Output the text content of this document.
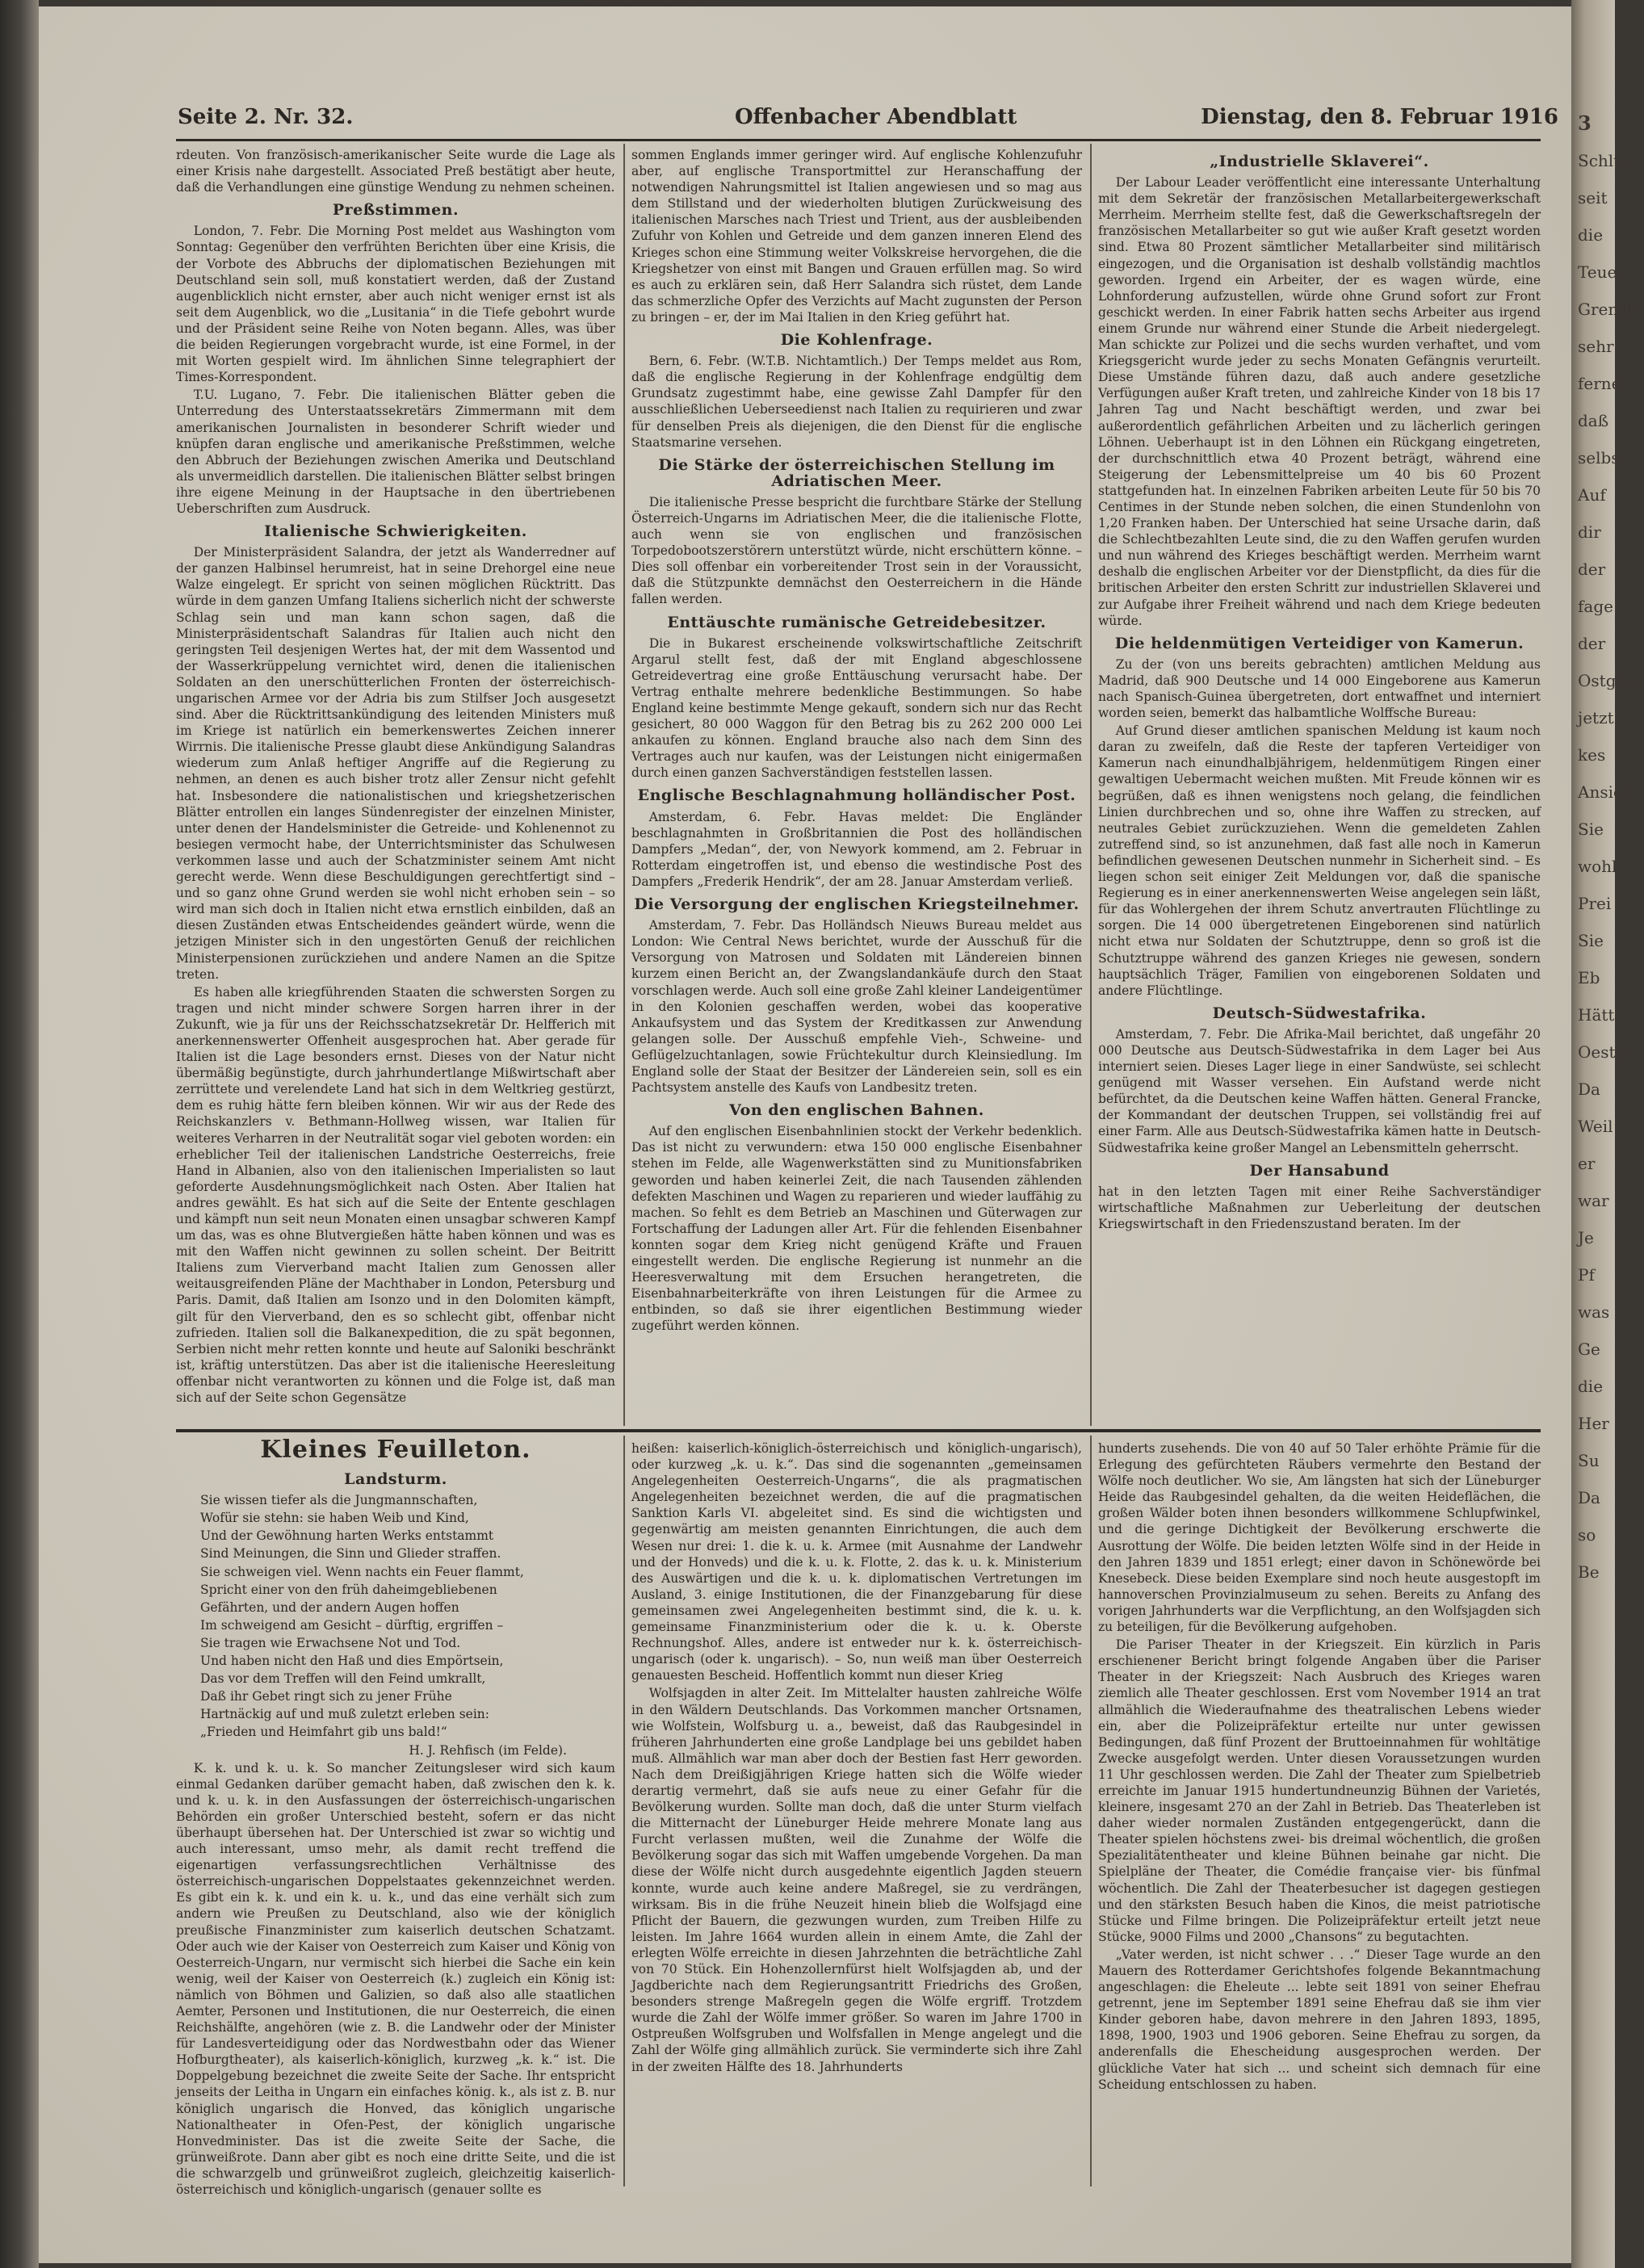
3
Schlus
seit
die
Teuer
Grenzb
sehr
ferner
daß
selbst
Auf
dir
der
fage
der
Ostgren
jetzt
kes
Ansich
Sie
wohl
Prei
Sie
Eb
Hätt
Oester
Da
Weil
er
war
Je
Pf
was
Ge
die
Her
Su
Da
so
Be
Seite 2. Nr. 32.	Offenbacher Abendblatt	Dienstag, den 8. Februar 1916

rdeuten. Von französisch-amerikanischer Seite wurde die Lage als einer Krisis nahe dargestellt. Associated Preß bestätigt aber heute, daß die Verhandlungen eine günstige Wendung zu nehmen scheinen.

Preßstimmen.

London, 7. Febr. Die Morning Post meldet aus Washington vom Sonntag: Gegenüber den verfrühten Berichten über eine Krisis, die der Vorbote des Abbruchs der diplomatischen Beziehungen mit Deutschland sein soll, muß konstatiert werden, daß der Zustand augenblicklich nicht ernster, aber auch nicht weniger ernst ist als seit dem Augenblick, wo die „Lusitania“ in die Tiefe gebohrt wurde und der Präsident seine Reihe von Noten begann. Alles, was über die beiden Regierungen vorgebracht wurde, ist eine Formel, in der mit Worten gespielt wird. Im ähnlichen Sinne telegraphiert der Times-Korrespondent.

T.U. Lugano, 7. Febr. Die italienischen Blätter geben die Unterredung des Unterstaatssekretärs Zimmermann mit dem amerikanischen Journalisten in besonderer Schrift wieder und knüpfen daran englische und amerikanische Preßstimmen, welche den Abbruch der Beziehungen zwischen Amerika und Deutschland als unvermeidlich darstellen. Die italienischen Blätter selbst bringen ihre eigene Meinung in der Hauptsache in den übertriebenen Ueberschriften zum Ausdruck.

Italienische Schwierigkeiten.

Der Ministerpräsident Salandra, der jetzt als Wanderredner auf der ganzen Halbinsel herumreist, hat in seine Drehorgel eine neue Walze eingelegt. Er spricht von seinen möglichen Rücktritt. Das würde in dem ganzen Umfang Italiens sicherlich nicht der schwerste Schlag sein und man kann schon sagen, daß die Ministerpräsidentschaft Salandras für Italien auch nicht den geringsten Teil desjenigen Wertes hat, der mit dem Wassentod und der Wasserkrüppelung vernichtet wird, denen die italienischen Soldaten an den unerschütterlichen Fronten der österreichisch-ungarischen Armee vor der Adria bis zum Stilfser Joch ausgesetzt sind. Aber die Rücktrittsankündigung des leitenden Ministers muß im Kriege ist natürlich ein bemerkenswertes Zeichen innerer Wirrnis. Die italienische Presse glaubt diese Ankündigung Salandras wiederum zum Anlaß heftiger Angriffe auf die Regierung zu nehmen, an denen es auch bisher trotz aller Zensur nicht gefehlt hat. Insbesondere die nationalistischen und kriegshetzerischen Blätter entrollen ein langes Sündenregister der einzelnen Minister, unter denen der Handelsminister die Getreide- und Kohlenennot zu besiegen vermocht habe, der Unterrichtsminister das Schulwesen verkommen lasse und auch der Schatzminister seinem Amt nicht gerecht werde. Wenn diese Beschuldigungen gerechtfertigt sind – und so ganz ohne Grund werden sie wohl nicht erhoben sein – so wird man sich doch in Italien nicht etwa ernstlich einbilden, daß an diesen Zuständen etwas Entscheidendes geändert würde, wenn die jetzigen Minister sich in den ungestörten Genuß der reichlichen Ministerpensionen zurückziehen und andere Namen an die Spitze treten.

Es haben alle kriegführenden Staaten die schwersten Sorgen zu tragen und nicht minder schwere Sorgen harren ihrer in der Zukunft, wie ja für uns der Reichsschatzsekretär Dr. Helfferich mit anerkennenswerter Offenheit ausgesprochen hat. Aber gerade für Italien ist die Lage besonders ernst. Dieses von der Natur nicht übermäßig begünstigte, durch jahrhundertlange Mißwirtschaft aber zerrüttete und verelendete Land hat sich in dem Weltkrieg gestürzt, dem es ruhig hätte fern bleiben können. Wir wir aus der Rede des Reichskanzlers v. Bethmann-Hollweg wissen, war Italien für weiteres Verharren in der Neutralität sogar viel geboten worden: ein erheblicher Teil der italienischen Landstriche Oesterreichs, freie Hand in Albanien, also von den italienischen Imperialisten so laut geforderte Ausdehnungsmöglichkeit nach Osten. Aber Italien hat andres gewählt. Es hat sich auf die Seite der Entente geschlagen und kämpft nun seit neun Monaten einen unsagbar schweren Kampf um das, was es ohne Blutvergießen hätte haben können und was es mit den Waffen nicht gewinnen zu sollen scheint. Der Beitritt Italiens zum Vierverband macht Italien zum Genossen aller weitausgreifenden Pläne der Machthaber in London, Petersburg und Paris. Damit, daß Italien am Isonzo und in den Dolomiten kämpft, gilt für den Vierverband, den es so schlecht gibt, offenbar nicht zufrieden. Italien soll die Balkanexpedition, die zu spät begonnen, Serbien nicht mehr retten konnte und heute auf Saloniki beschränkt ist, kräftig unterstützen. Das aber ist die italienische Heeresleitung offenbar nicht verantworten zu können und die Folge ist, daß man sich auf der Seite schon Gegensätze

sommen Englands immer geringer wird. Auf englische Kohlenzufuhr aber, auf englische Transportmittel zur Heranschaffung der notwendigen Nahrungsmittel ist Italien angewiesen und so mag aus dem Stillstand und der wiederholten blutigen Zurückweisung des italienischen Marsches nach Triest und Trient, aus der ausbleibenden Zufuhr von Kohlen und Getreide und dem ganzen inneren Elend des Krieges schon eine Stimmung weiter Volkskreise hervorgehen, die die Kriegshetzer von einst mit Bangen und Grauen erfüllen mag. So wird es auch zu erklären sein, daß Herr Salandra sich rüstet, dem Lande das schmerzliche Opfer des Verzichts auf Macht zugunsten der Person zu bringen – er, der im Mai Italien in den Krieg geführt hat.

Die Kohlenfrage.

Bern, 6. Febr. (W.T.B. Nichtamtlich.) Der Temps meldet aus Rom, daß die englische Regierung in der Kohlenfrage endgültig dem Grundsatz zugestimmt habe, eine gewisse Zahl Dampfer für den ausschließlichen Ueberseedienst nach Italien zu requirieren und zwar für denselben Preis als diejenigen, die den Dienst für die englische Staatsmarine versehen.

Die Stärke der österreichischen Stellung im Adriatischen Meer.

Die italienische Presse bespricht die furchtbare Stärke der Stellung Österreich-Ungarns im Adriatischen Meer, die die italienische Flotte, auch wenn sie von englischen und französischen Torpedobootszerstörern unterstützt würde, nicht erschüttern könne. – Dies soll offenbar ein vorbereitender Trost sein in der Voraussicht, daß die Stützpunkte demnächst den Oesterreichern in die Hände fallen werden.

Enttäuschte rumänische Getreidebesitzer.

Die in Bukarest erscheinende volkswirtschaftliche Zeitschrift Argarul stellt fest, daß der mit England abgeschlossene Getreidevertrag eine große Enttäuschung verursacht habe. Der Vertrag enthalte mehrere bedenkliche Bestimmungen. So habe England keine bestimmte Menge gekauft, sondern sich nur das Recht gesichert, 80 000 Waggon für den Betrag bis zu 262 200 000 Lei ankaufen zu können. England brauche also nach dem Sinn des Vertrages auch nur kaufen, was der Leistungen nicht einigermaßen durch einen ganzen Sachverständigen feststellen lassen.

Englische Beschlagnahmung holländischer Post.

Amsterdam, 6. Febr. Havas meldet: Die Engländer beschlagnahmten in Großbritannien die Post des holländischen Dampfers „Medan“, der, von Newyork kommend, am 2. Februar in Rotterdam eingetroffen ist, und ebenso die westindische Post des Dampfers „Frederik Hendrik“, der am 28. Januar Amsterdam verließ.

Die Versorgung der englischen Kriegsteilnehmer.

Amsterdam, 7. Febr. Das Holländsch Nieuws Bureau meldet aus London: Wie Central News berichtet, wurde der Ausschuß für die Versorgung von Matrosen und Soldaten mit Ländereien binnen kurzem einen Bericht an, der Zwangslandankäufe durch den Staat vorschlagen werde. Auch soll eine große Zahl kleiner Landeigentümer in den Kolonien geschaffen werden, wobei das kooperative Ankaufsystem und das System der Kreditkassen zur Anwendung gelangen solle. Der Ausschuß empfehle Vieh-, Schweine- und Geflügelzuchtanlagen, sowie Früchtekultur durch Kleinsiedlung. Im England solle der Staat der Besitzer der Ländereien sein, soll es ein Pachtsystem anstelle des Kaufs von Landbesitz treten.

Von den englischen Bahnen.

Auf den englischen Eisenbahnlinien stockt der Verkehr bedenklich. Das ist nicht zu verwundern: etwa 150 000 englische Eisenbahner stehen im Felde, alle Wagenwerkstätten sind zu Munitionsfabriken geworden und haben keinerlei Zeit, die nach Tausenden zählenden defekten Maschinen und Wagen zu reparieren und wieder lauffähig zu machen. So fehlt es dem Betrieb an Maschinen und Güterwagen zur Fortschaffung der Ladungen aller Art. Für die fehlenden Eisenbahner konnten sogar dem Krieg nicht genügend Kräfte und Frauen eingestellt werden. Die englische Regierung ist nunmehr an die Heeresverwaltung mit dem Ersuchen herangetreten, die Eisenbahnarbeiterkräfte von ihren Leistungen für die Armee zu entbinden, so daß sie ihrer eigentlichen Bestimmung wieder zugeführt werden können.

„Industrielle Sklaverei“.

Der Labour Leader veröffentlicht eine interessante Unterhaltung mit dem Sekretär der französischen Metallarbeitergewerkschaft Merrheim. Merrheim stellte fest, daß die Gewerkschaftsregeln der französischen Metallarbeiter so gut wie außer Kraft gesetzt worden sind. Etwa 80 Prozent sämtlicher Metallarbeiter sind militärisch eingezogen, und die Organisation ist deshalb vollständig machtlos geworden. Irgend ein Arbeiter, der es wagen würde, eine Lohnforderung aufzustellen, würde ohne Grund sofort zur Front geschickt werden. In einer Fabrik hatten sechs Arbeiter aus irgend einem Grunde nur während einer Stunde die Arbeit niedergelegt. Man schickte zur Polizei und die sechs wurden verhaftet, und vom Kriegsgericht wurde jeder zu sechs Monaten Gefängnis verurteilt. Diese Umstände führen dazu, daß auch andere gesetzliche Verfügungen außer Kraft treten, und zahlreiche Kinder von 18 bis 17 Jahren Tag und Nacht beschäftigt werden, und zwar bei außerordentlich gefährlichen Arbeiten und zu lächerlich geringen Löhnen. Ueberhaupt ist in den Löhnen ein Rückgang eingetreten, der durchschnittlich etwa 40 Prozent beträgt, während eine Steigerung der Lebensmittelpreise um 40 bis 60 Prozent stattgefunden hat. In einzelnen Fabriken arbeiten Leute für 50 bis 70 Centimes in der Stunde neben solchen, die einen Stundenlohn von 1,20 Franken haben. Der Unterschied hat seine Ursache darin, daß die Schlechtbezahlten Leute sind, die zu den Waffen gerufen wurden und nun während des Krieges beschäftigt werden. Merrheim warnt deshalb die englischen Arbeiter vor der Dienstpflicht, da dies für die britischen Arbeiter den ersten Schritt zur industriellen Sklaverei und zur Aufgabe ihrer Freiheit während und nach dem Kriege bedeuten würde.

Die heldenmütigen Verteidiger von Kamerun.

Zu der (von uns bereits gebrachten) amtlichen Meldung aus Madrid, daß 900 Deutsche und 14 000 Eingeborene aus Kamerun nach Spanisch-Guinea übergetreten, dort entwaffnet und interniert worden seien, bemerkt das halbamtliche Wolffsche Bureau:

Auf Grund dieser amtlichen spanischen Meldung ist kaum noch daran zu zweifeln, daß die Reste der tapferen Verteidiger von Kamerun nach einundhalbjährigem, heldenmütigem Ringen einer gewaltigen Uebermacht weichen mußten. Mit Freude können wir es begrüßen, daß es ihnen wenigstens noch gelang, die feindlichen Linien durchbrechen und so, ohne ihre Waffen zu strecken, auf neutrales Gebiet zurückzuziehen. Wenn die gemeldeten Zahlen zutreffend sind, so ist anzunehmen, daß fast alle noch in Kamerun befindlichen gewesenen Deutschen nunmehr in Sicherheit sind. – Es liegen schon seit einiger Zeit Meldungen vor, daß die spanische Regierung es in einer anerkennenswerten Weise angelegen sein läßt, für das Wohlergehen der ihrem Schutz anvertrauten Flüchtlinge zu sorgen. Die 14 000 übergetretenen Eingeborenen sind natürlich nicht etwa nur Soldaten der Schutztruppe, denn so groß ist die Schutztruppe während des ganzen Krieges nie gewesen, sondern hauptsächlich Träger, Familien von eingeborenen Soldaten und andere Flüchtlinge.

Deutsch-Südwestafrika.

Amsterdam, 7. Febr. Die Afrika-Mail berichtet, daß ungefähr 20 000 Deutsche aus Deutsch-Südwestafrika in dem Lager bei Aus interniert seien. Dieses Lager liege in einer Sandwüste, sei schlecht genügend mit Wasser versehen. Ein Aufstand werde nicht befürchtet, da die Deutschen keine Waffen hätten. General Francke, der Kommandant der deutschen Truppen, sei vollständig frei auf einer Farm. Alle aus Deutsch-Südwestafrika kämen hatte in Deutsch-Südwestafrika keine großer Mangel an Lebensmitteln geherrscht.

Der Hansabund

hat in den letzten Tagen mit einer Reihe Sachverständiger wirtschaftliche Maßnahmen zur Ueberleitung der deutschen Kriegswirtschaft in den Friedenszustand beraten. Im der

Kleines Feuilleton.
Landsturm.

Sie wissen tiefer als die Jungmannschaften,

Wofür sie stehn: sie haben Weib und Kind,

Und der Gewöhnung harten Werks entstammt

Sind Meinungen, die Sinn und Glieder straffen.

Sie schweigen viel. Wenn nachts ein Feuer flammt,

Spricht einer von den früh daheimgebliebenen

Gefährten, und der andern Augen hoffen

Im schweigend am Gesicht – dürftig, ergriffen –

Sie tragen wie Erwachsene Not und Tod.

Und haben nicht den Haß und dies Empörtsein,

Das vor dem Treffen will den Feind umkrallt,

Daß ihr Gebet ringt sich zu jener Frühe

Hartnäckig auf und muß zuletzt erleben sein:

„Frieden und Heimfahrt gib uns bald!“

H. J. Rehfisch (im Felde).

K. k. und k. u. k. So mancher Zeitungsleser wird sich kaum einmal Gedanken darüber gemacht haben, daß zwischen den k. k. und k. u. k. in den Ausfassungen der österreichisch-ungarischen Behörden ein großer Unterschied besteht, sofern er das nicht überhaupt übersehen hat. Der Unterschied ist zwar so wichtig und auch interessant, umso mehr, als damit recht treffend die eigenartigen verfassungsrechtlichen Verhältnisse des österreichisch-ungarischen Doppelstaates gekennzeichnet werden. Es gibt ein k. k. und ein k. u. k., und das eine verhält sich zum andern wie Preußen zu Deutschland, also wie der königlich preußische Finanzminister zum kaiserlich deutschen Schatzamt. Oder auch wie der Kaiser von Oesterreich zum Kaiser und König von Oesterreich-Ungarn, nur vermischt sich hierbei die Sache ein kein wenig, weil der Kaiser von Oesterreich (k.) zugleich ein König ist: nämlich von Böhmen und Galizien, so daß also alle staatlichen Aemter, Personen und Institutionen, die nur Oesterreich, die einen Reichshälfte, angehören (wie z. B. die Landwehr oder der Minister für Landesverteidigung oder das Nordwestbahn oder das Wiener Hofburgtheater), als kaiserlich-königlich, kurzweg „k. k.“ ist. Die Doppelgebung bezeichnet die zweite Seite der Sache. Ihr entspricht jenseits der Leitha in Ungarn ein einfaches könig. k., als ist z. B. nur königlich ungarisch die Honved, das königlich ungarische Nationaltheater in Ofen-Pest, der königlich ungarische Honvedminister. Das ist die zweite Seite der Sache, die grünweißrote. Dann aber gibt es noch eine dritte Seite, und die ist die schwarzgelb und grünweißrot zugleich, gleichzeitig kaiserlich-österreichisch und königlich-ungarisch (genauer sollte es

heißen: kaiserlich-königlich-österreichisch und königlich-ungarisch), oder kurzweg „k. u. k.“. Das sind die sogenannten „gemeinsamen Angelegenheiten Oesterreich-Ungarns“, die als pragmatischen Angelegenheiten bezeichnet werden, die auf die pragmatischen Sanktion Karls VI. abgeleitet sind. Es sind die wichtigsten und gegenwärtig am meisten genannten Einrichtungen, die auch dem Wesen nur drei: 1. die k. u. k. Armee (mit Ausnahme der Landwehr und der Honveds) und die k. u. k. Flotte, 2. das k. u. k. Ministerium des Auswärtigen und die k. u. k. diplomatischen Vertretungen im Ausland, 3. einige Institutionen, die der Finanzgebarung für diese gemeinsamen zwei Angelegenheiten bestimmt sind, die k. u. k. gemeinsame Finanzministerium oder die k. u. k. Oberste Rechnungshof. Alles, andere ist entweder nur k. k. österreichisch-ungarisch (oder k. ungarisch). – So, nun weiß man über Oesterreich genauesten Bescheid. Hoffentlich kommt nun dieser Krieg

Wolfsjagden in alter Zeit. Im Mittelalter hausten zahlreiche Wölfe in den Wäldern Deutschlands. Das Vorkommen mancher Ortsnamen, wie Wolfstein, Wolfsburg u. a., beweist, daß das Raubgesindel in früheren Jahrhunderten eine große Landplage bei uns gebildet haben muß. Allmählich war man aber doch der Bestien fast Herr geworden. Nach dem Dreißigjährigen Kriege hatten sich die Wölfe wieder derartig vermehrt, daß sie aufs neue zu einer Gefahr für die Bevölkerung wurden. Sollte man doch, daß die unter Sturm vielfach die Mitternacht der Lüneburger Heide mehrere Monate lang aus Furcht verlassen mußten, weil die Zunahme der Wölfe die Bevölkerung sogar das sich mit Waffen umgebende Vorgehen. Da man diese der Wölfe nicht durch ausgedehnte eigentlich Jagden steuern konnte, wurde auch keine andere Maßregel, sie zu verdrängen, wirksam. Bis in die frühe Neuzeit hinein blieb die Wolfsjagd eine Pflicht der Bauern, die gezwungen wurden, zum Treiben Hilfe zu leisten. Im Jahre 1664 wurden allein in einem Amte, die Zahl der erlegten Wölfe erreichte in diesen Jahrzehnten die beträchtliche Zahl von 70 Stück. Ein Hohenzollernfürst hielt Wolfsjagden ab, und der Jagdberichte nach dem Regierungsantritt Friedrichs des Großen, besonders strenge Maßregeln gegen die Wölfe ergriff. Trotzdem wurde die Zahl der Wölfe immer größer. So waren im Jahre 1700 in Ostpreußen Wolfsgruben und Wolfsfallen in Menge angelegt und die Zahl der Wölfe ging allmählich zurück. Sie verminderte sich ihre Zahl in der zweiten Hälfte des 18. Jahrhunderts

hunderts zusehends. Die von 40 auf 50 Taler erhöhte Prämie für die Erlegung des gefürchteten Räubers vermehrte den Bestand der Wölfe noch deutlicher. Wo sie, Am längsten hat sich der Lüneburger Heide das Raubgesindel gehalten, da die weiten Heideflächen, die großen Wälder boten ihnen besonders willkommene Schlupfwinkel, und die geringe Dichtigkeit der Bevölkerung erschwerte die Ausrottung der Wölfe. Die beiden letzten Wölfe sind in der Heide in den Jahren 1839 und 1851 erlegt; einer davon in Schönewörde bei Knesebeck. Diese beiden Exemplare sind noch heute ausgestopft im hannoverschen Provinzialmuseum zu sehen. Bereits zu Anfang des vorigen Jahrhunderts war die Verpflichtung, an den Wolfsjagden sich zu beteiligen, für die Bevölkerung aufgehoben.

Die Pariser Theater in der Kriegszeit. Ein kürzlich in Paris erschienener Bericht bringt folgende Angaben über die Pariser Theater in der Kriegszeit: Nach Ausbruch des Krieges waren ziemlich alle Theater geschlossen. Erst vom November 1914 an trat allmählich die Wiederaufnahme des theatralischen Lebens wieder ein, aber die Polizeipräfektur erteilte nur unter gewissen Bedingungen, daß fünf Prozent der Bruttoeinnahmen für wohltätige Zwecke ausgefolgt werden. Unter diesen Voraussetzungen wurden 11 Uhr geschlossen werden. Die Zahl der Theater zum Spielbetrieb erreichte im Januar 1915 hundertundneunzig Bühnen der Varietés, kleinere, insgesamt 270 an der Zahl in Betrieb. Das Theaterleben ist daher wieder normalen Zuständen entgegengerückt, dann die Theater spielen höchstens zwei- bis dreimal wöchentlich, die großen Spezialitätentheater und kleine Bühnen beinahe gar nicht. Die Spielpläne der Theater, die Comédie française vier- bis fünfmal wöchentlich. Die Zahl der Theaterbesucher ist dagegen gestiegen und den stärksten Besuch haben die Kinos, die meist patriotische Stücke und Filme bringen. Die Polizeipräfektur erteilt jetzt neue Stücke, 9000 Films und 2000 „Chansons“ zu begutachten.

„Vater werden, ist nicht schwer . . .“ Dieser Tage wurde an den Mauern des Rotterdamer Gerichtshofes folgende Bekanntmachung angeschlagen: die Eheleute ... lebte seit 1891 von seiner Ehefrau getrennt, jene im September 1891 seine Ehefrau daß sie ihm vier Kinder geboren habe, davon mehrere in den Jahren 1893, 1895, 1898, 1900, 1903 und 1906 geboren. Seine Ehefrau zu sorgen, da anderenfalls die Ehescheidung ausgesprochen werden. Der glückliche Vater hat sich ... und scheint sich demnach für eine Scheidung entschlossen zu haben.
